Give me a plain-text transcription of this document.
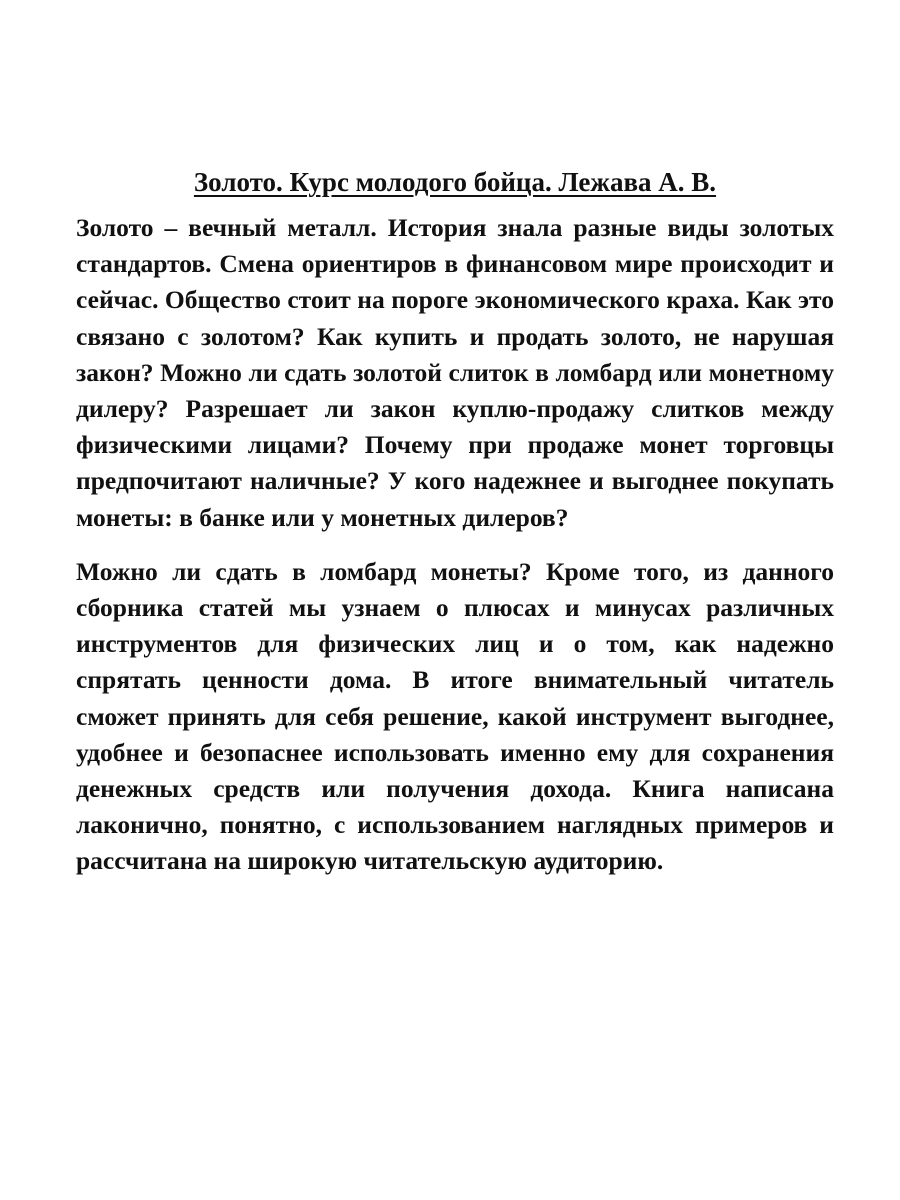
Золото. Курс молодого бойца. Лежава А. В.

Золото – вечный металл. История знала разные виды золотых стандартов. Смена ориентиров в финансовом мире происходит и сейчас. Общество стоит на пороге экономического краха. Как это связано с золотом? Как купить и продать золото, не нарушая закон? Можно ли сдать золотой слиток в ломбард или монетному дилеру? Разрешает ли закон куплю-продажу слитков между физическими лицами? Почему при продаже монет торговцы предпочитают наличные? У кого надежнее и выгоднее покупать монеты: в банке или у монетных дилеров?

Можно ли сдать в ломбард монеты? Кроме того, из данного сборника статей мы узнаем о плюсах и минусах различных инструментов для физических лиц и о том, как надежно спрятать ценности дома. В итоге внимательный читатель сможет принять для себя решение, какой инструмент выгоднее, удобнее и безопаснее использовать именно ему для сохранения денежных средств или получения дохода. Книга написана лаконично, понятно, с использованием наглядных примеров и рассчитана на широкую читательскую аудиторию.
